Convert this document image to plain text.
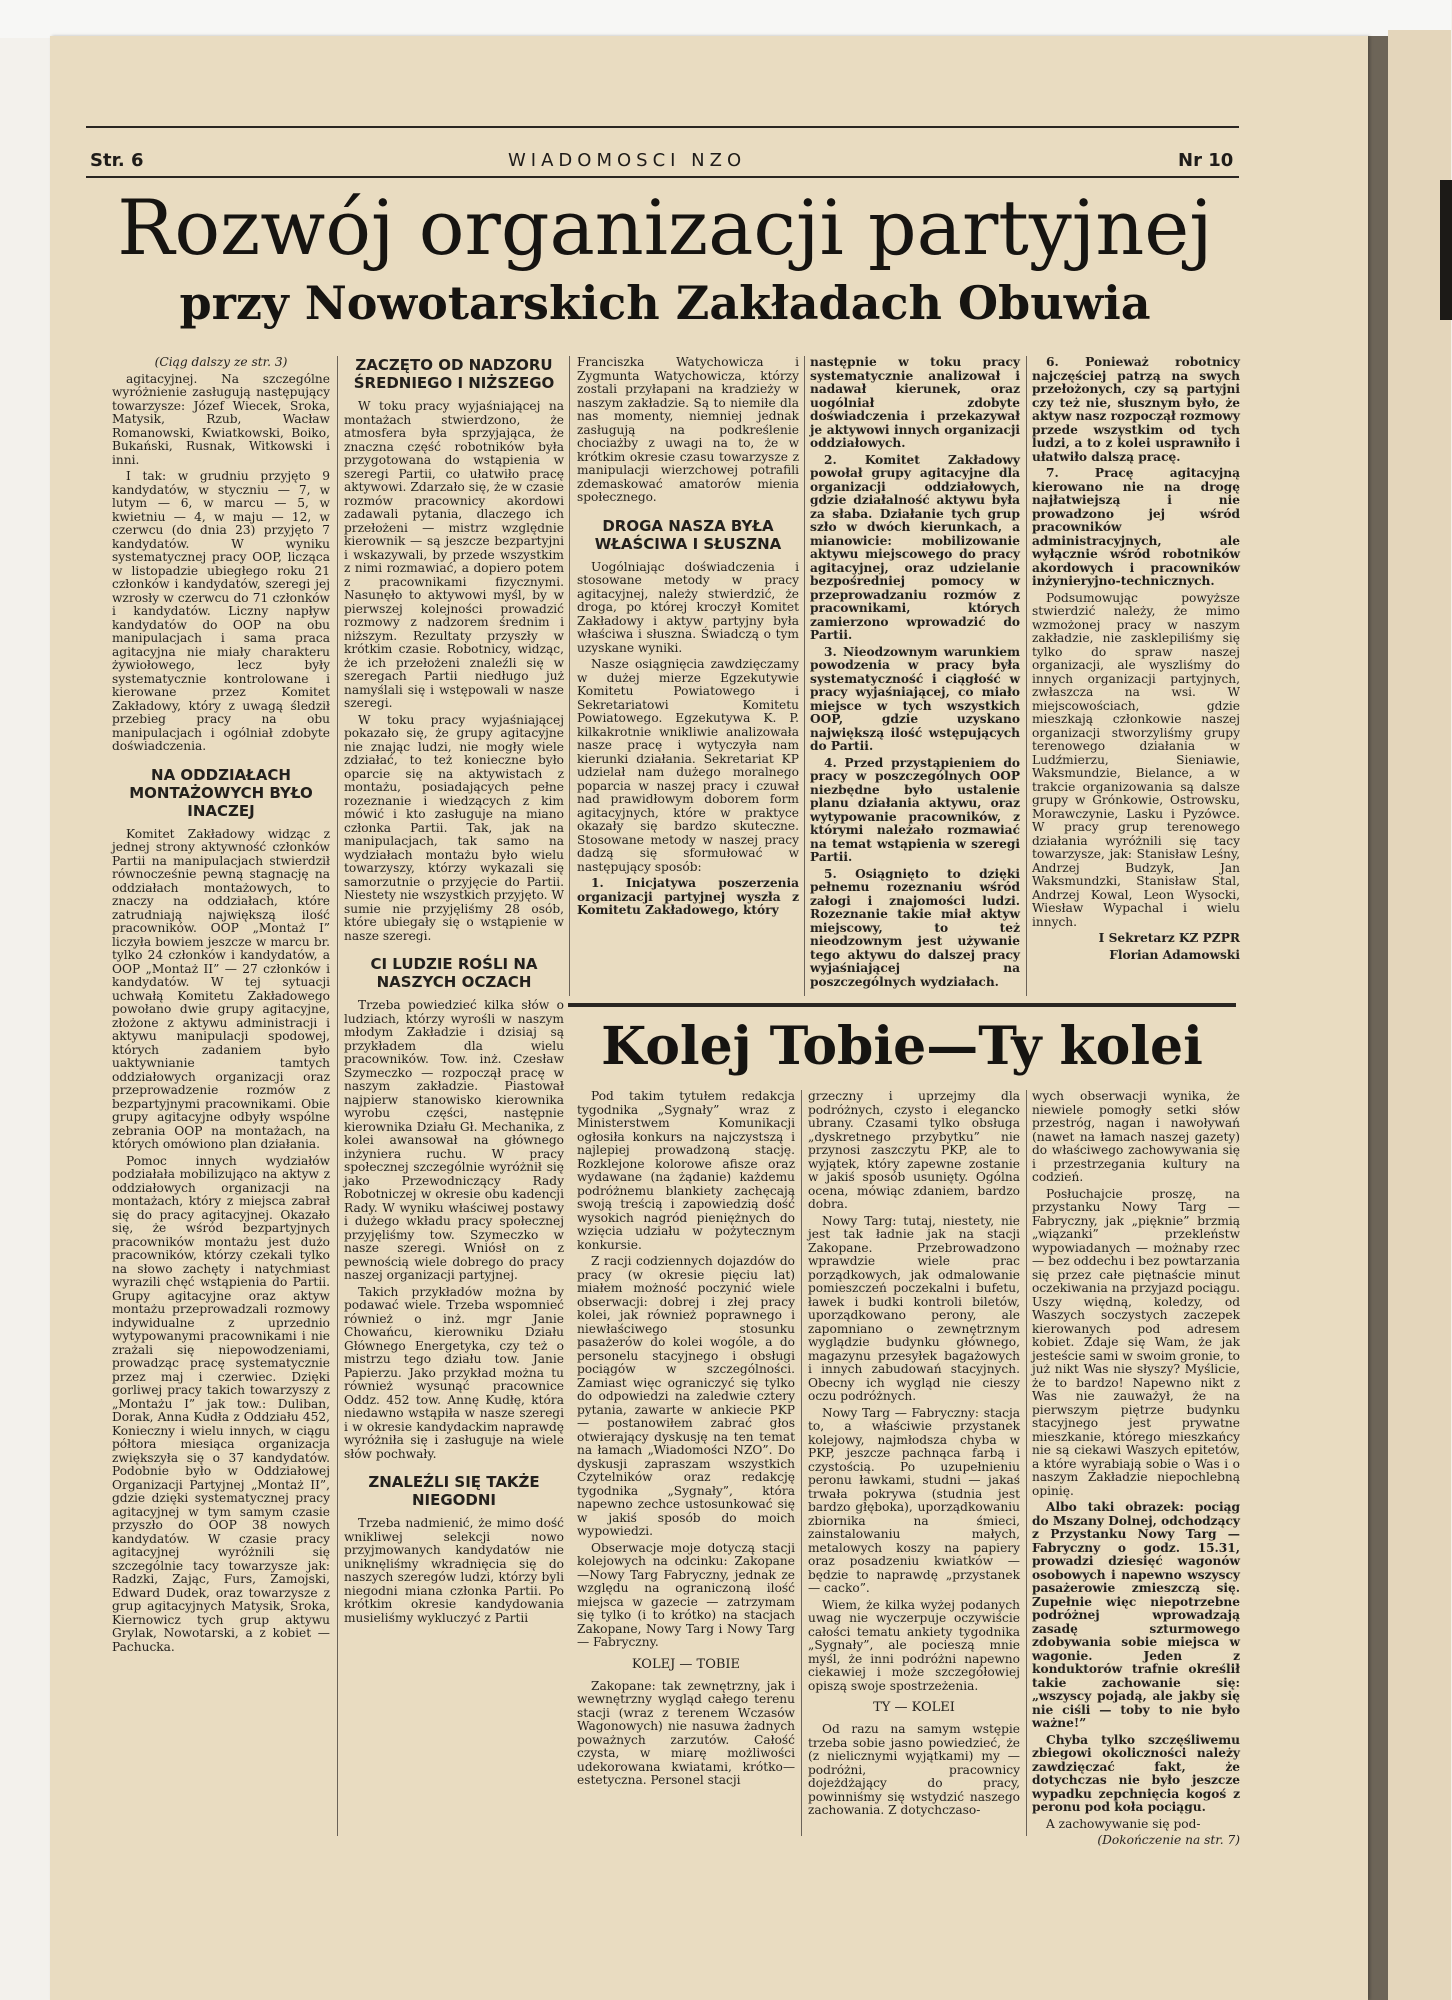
Str. 6	WIADOMOSCI NZO	Nr 10
Rozwój organizacji partyjnej
przy Nowotarskich Zakładach Obuwia

(Ciąg dalszy ze str. 3)

agitacyjnej. Na szczególne wyróżnienie zasługują następujący towarzysze: Józef Wiecek, Sroka, Matysik, Rzub, Wacław Romanowski, Kwiatkowski, Boiko, Bukański, Rusnak, Witkowski i inni.

I tak: w grudniu przyjęto 9 kandydatów, w styczniu — 7, w lutym — 6, w marcu — 5, w kwietniu — 4, w maju — 12, w czerwcu (do dnia 23) przyjęto 7 kandydatów. W wyniku systematycznej pracy OOP, licząca w listopadzie ubiegłego roku 21 członków i kandydatów, szeregi jej wzrosły w czerwcu do 71 członków i kandydatów. Liczny napływ kandydatów do OOP na obu manipulacjach i sama praca agitacyjna nie miały charakteru żywiołowego, lecz były systematycznie kontrolowane i kierowane przez Komitet Zakładowy, który z uwagą śledził przebieg pracy na obu manipulacjach i ogólniał zdobyte doświadczenia.

NA ODDZIAŁACH MONTAŻOWYCH BYŁO INACZEJ

Komitet Zakładowy widząc z jednej strony aktywność członków Partii na manipulacjach stwierdził równocześnie pewną stagnację na oddziałach montażowych, to znaczy na oddziałach, które zatrudniają największą ilość pracowników. OOP „Montaż I” liczyła bowiem jeszcze w marcu br. tylko 24 członków i kandydatów, a OOP „Montaż II” — 27 członków i kandydatów. W tej sytuacji uchwałą Komitetu Zakładowego powołano dwie grupy agitacyjne, złożone z aktywu administracji i aktywu manipulacji spodowej, których zadaniem było uaktywnianie tamtych oddziałowych organizacji oraz przeprowadzenie rozmów z bezpartyjnymi pracownikami. Obie grupy agitacyjne odbyły wspólne zebrania OOP na montażach, na których omówiono plan działania.

Pomoc innych wydziałów podziałała mobilizująco na aktyw z oddziałowych organizacji na montażach, który z miejsca zabrał się do pracy agitacyjnej. Okazało się, że wśród bezpartyjnych pracowników montażu jest dużo pracowników, którzy czekali tylko na słowo zachęty i natychmiast wyrazili chęć wstąpienia do Partii. Grupy agitacyjne oraz aktyw montażu przeprowadzali rozmowy indywidualne z uprzednio wytypowanymi pracownikami i nie zrażali się niepowodzeniami, prowadząc pracę systematycznie przez maj i czerwiec. Dzięki gorliwej pracy takich towarzyszy z „Montażu I” jak tow.: Duliban, Dorak, Anna Kudła z Oddziału 452, Konieczny i wielu innych, w ciągu półtora miesiąca organizacja zwiększyła się o 37 kandydatów. Podobnie było w Oddziałowej Organizacji Partyjnej „Montaż II”, gdzie dzięki systematycznej pracy agitacyjnej w tym samym czasie przyszło do OOP 38 nowych kandydatów. W czasie pracy agitacyjnej wyróżnili się szczególnie tacy towarzysze jak: Radzki, Zając, Furs, Zamojski, Edward Dudek, oraz towarzysze z grup agitacyjnych Matysik, Sroka, Kiernowicz tych grup aktywu Grylak, Nowotarski, a z kobiet — Pachucka.

ZACZĘTO OD NADZORU ŚREDNIEGO I NIŻSZEGO

W toku pracy wyjaśniającej na montażach stwierdzono, że atmosfera była sprzyjająca, że znaczna część robotników była przygotowana do wstąpienia w szeregi Partii, co ułatwiło pracę aktywowi. Zdarzało się, że w czasie rozmów pracownicy akordowi zadawali pytania, dlaczego ich przełożeni — mistrz względnie kierownik — są jeszcze bezpartyjni i wskazywali, by przede wszystkim z nimi rozmawiać, a dopiero potem z pracownikami fizycznymi. Nasunęło to aktywowi myśl, by w pierwszej kolejności prowadzić rozmowy z nadzorem średnim i niższym. Rezultaty przyszły w krótkim czasie. Robotnicy, widząc, że ich przełożeni znaleźli się w szeregach Partii niedługo już namyślali się i wstępowali w nasze szeregi.

W toku pracy wyjaśniającej pokazało się, że grupy agitacyjne nie znając ludzi, nie mogły wiele zdziałać, to też konieczne było oparcie się na aktywistach z montażu, posiadających pełne rozeznanie i wiedzących z kim mówić i kto zasługuje na miano członka Partii. Tak, jak na manipulacjach, tak samo na wydziałach montażu było wielu towarzyszy, którzy wykazali się samorzutnie o przyjęcie do Partii. Niestety nie wszystkich przyjęto. W sumie nie przyjęliśmy 28 osób, które ubiegały się o wstąpienie w nasze szeregi.

CI LUDZIE ROŚLI NA NASZYCH OCZACH

Trzeba powiedzieć kilka słów o ludziach, którzy wyrośli w naszym młodym Zakładzie i dzisiaj są przykładem dla wielu pracowników. Tow. inż. Czesław Szymeczko — rozpoczął pracę w naszym zakładzie. Piastował najpierw stanowisko kierownika wyrobu części, następnie kierownika Działu Gł. Mechanika, z kolei awansował na głównego inżyniera ruchu. W pracy społecznej szczególnie wyróżnił się jako Przewodniczący Rady Robotniczej w okresie obu kadencji Rady. W wyniku właściwej postawy i dużego wkładu pracy społecznej przyjęliśmy tow. Szymeczko w nasze szeregi. Wniósł on z pewnością wiele dobrego do pracy naszej organizacji partyjnej.

Takich przykładów można by podawać wiele. Trzeba wspomnieć również o inż. mgr Janie Chowańcu, kierowniku Działu Głównego Energetyka, czy też o mistrzu tego działu tow. Janie Papierzu. Jako przykład można tu również wysunąć pracownice Oddz. 452 tow. Annę Kudłę, która niedawno wstąpiła w nasze szeregi i w okresie kandydackim naprawdę wyróżniła się i zasługuje na wiele słów pochwały.

ZNALEŹLI SIĘ TAKŻE NIEGODNI

Trzeba nadmienić, że mimo dość wnikliwej selekcji nowo przyjmowanych kandydatów nie uniknęliśmy wkradnięcia się do naszych szeregów ludzi, którzy byli niegodni miana członka Partii. Po krótkim okresie kandydowania musieliśmy wykluczyć z Partii

Franciszka Watychowicza i Zygmunta Watychowicza, którzy zostali przyłapani na kradzieży w naszym zakładzie. Są to niemiłe dla nas momenty, niemniej jednak zasługują na podkreślenie chociażby z uwagi na to, że w krótkim okresie czasu towarzysze z manipulacji wierzchowej potrafili zdemaskować amatorów mienia społecznego.

DROGA NASZA BYŁA WŁAŚCIWA I SŁUSZNA

Uogólniając doświadczenia i stosowane metody w pracy agitacyjnej, należy stwierdzić, że droga, po której kroczył Komitet Zakładowy i aktyw partyjny była właściwa i słuszna. Świadczą o tym uzyskane wyniki.

Nasze osiągnięcia zawdzięczamy w dużej mierze Egzekutywie Komitetu Powiatowego i Sekretariatowi Komitetu Powiatowego. Egzekutywa K. P. kilkakrotnie wnikliwie analizowała nasze pracę i wytyczyła nam kierunki działania. Sekretariat KP udzielał nam dużego moralnego poparcia w naszej pracy i czuwał nad prawidłowym doborem form agitacyjnych, które w praktyce okazały się bardzo skuteczne. Stosowane metody w naszej pracy dadzą się sformułować w następujący sposób:

1. Inicjatywa poszerzenia organizacji partyjnej wyszła z Komitetu Zakładowego, który

następnie w toku pracy systematycznie analizował i nadawał kierunek, oraz uogólniał zdobyte doświadczenia i przekazywał je aktywowi innych organizacji oddziałowych.

2. Komitet Zakładowy powołał grupy agitacyjne dla organizacji oddziałowych, gdzie działalność aktywu była za słaba. Działanie tych grup szło w dwóch kierunkach, a mianowicie: mobilizowanie aktywu miejscowego do pracy agitacyjnej, oraz udzielanie bezpośredniej pomocy w przeprowadzaniu rozmów z pracownikami, których zamierzono wprowadzić do Partii.

3. Nieodzownym warunkiem powodzenia w pracy była systematyczność i ciągłość w pracy wyjaśniającej, co miało miejsce w tych wszystkich OOP, gdzie uzyskano największą ilość wstępujących do Partii.

4. Przed przystąpieniem do pracy w poszczególnych OOP niezbędne było ustalenie planu działania aktywu, oraz wytypowanie pracowników, z którymi należało rozmawiać na temat wstąpienia w szeregi Partii.

5. Osiągnięto to dzięki pełnemu rozeznaniu wśród załogi i znajomości ludzi. Rozeznanie takie miał aktyw miejscowy, to też nieodzownym jest używanie tego aktywu do dalszej pracy wyjaśniającej na poszczególnych wydziałach.

6. Ponieważ robotnicy najczęściej patrzą na swych przełożonych, czy są partyjni czy też nie, słusznym było, że aktyw nasz rozpoczął rozmowy przede wszystkim od tych ludzi, a to z kolei usprawniło i ułatwiło dalszą pracę.

7. Pracę agitacyjną kierowano nie na drogę najłatwiejszą i nie prowadzono jej wśród pracowników administracyjnych, ale wyłącznie wśród robotników akordowych i pracowników inżynieryjno-technicznych.

Podsumowując powyższe stwierdzić należy, że mimo wzmożonej pracy w naszym zakładzie, nie zasklepiliśmy się tylko do spraw naszej organizacji, ale wyszliśmy do innych organizacji partyjnych, zwłaszcza na wsi. W miejscowościach, gdzie mieszkają członkowie naszej organizacji stworzyliśmy grupy terenowego działania w Ludźmierzu, Sieniawie, Waksmundzie, Bielance, a w trakcie organizowania są dalsze grupy w Grónkowie, Ostrowsku, Morawczynie, Lasku i Pyzówce. W pracy grup terenowego działania wyróżnili się tacy towarzysze, jak: Stanisław Leśny, Andrzej Budzyk, Jan Waksmundzki, Stanisław Stal, Andrzej Kowal, Leon Wysocki, Wiesław Wypachal i wielu innych.

I Sekretarz KZ PZPR

Florian Adamowski

Kolej Tobie—Ty kolei

Pod takim tytułem redakcja tygodnika „Sygnały” wraz z Ministerstwem Komunikacji ogłosiła konkurs na najczystszą i najlepiej prowadzoną stację. Rozklejone kolorowe afisze oraz wydawane (na żądanie) każdemu podróżnemu blankiety zachęcają swoją treścią i zapowiedzią dość wysokich nagród pieniężnych do wzięcia udziału w pożytecznym konkursie.

Z racji codziennych dojazdów do pracy (w okresie pięciu lat) miałem możność poczynić wiele obserwacji: dobrej i złej pracy kolei, jak również poprawnego i niewłaściwego stosunku pasażerów do kolei wogóle, a do personelu stacyjnego i obsługi pociągów w szczególności. Zamiast więc ograniczyć się tylko do odpowiedzi na zaledwie cztery pytania, zawarte w ankiecie PKP — postanowiłem zabrać głos otwierający dyskusję na ten temat na łamach „Wiadomości NZO”. Do dyskusji zapraszam wszystkich Czytelników oraz redakcję tygodnika „Sygnały”, która napewno zechce ustosunkować się w jakiś sposób do moich wypowiedzi.

Obserwacje moje dotyczą stacji kolejowych na odcinku: Zakopane—Nowy Targ Fabryczny, jednak ze względu na ograniczoną ilość miejsca w gazecie — zatrzymam się tylko (i to krótko) na stacjach Zakopane, Nowy Targ i Nowy Targ — Fabryczny.

KOLEJ — TOBIE

Zakopane: tak zewnętrzny, jak i wewnętrzny wygląd całego terenu stacji (wraz z terenem Wczasów Wagonowych) nie nasuwa żadnych poważnych zarzutów. Całość czysta, w miarę możliwości udekorowana kwiatami, krótko—estetyczna. Personel stacji

grzeczny i uprzejmy dla podróżnych, czysto i elegancko ubrany. Czasami tylko obsługa „dyskretnego przybytku” nie przynosi zaszczytu PKP, ale to wyjątek, który zapewne zostanie w jakiś sposób usunięty. Ogólna ocena, mówiąc zdaniem, bardzo dobra.

Nowy Targ: tutaj, niestety, nie jest tak ładnie jak na stacji Zakopane. Przebrowadzono wprawdzie wiele prac porządkowych, jak odmalowanie pomieszczeń poczekalni i bufetu, ławek i budki kontroli biletów, uporządkowano perony, ale zapomniano o zewnętrznym wyglądzie budynku głównego, magazynu przesyłek bagażowych i innych zabudowań stacyjnych. Obecny ich wygląd nie cieszy oczu podróżnych.

Nowy Targ — Fabryczny: stacja to, a właściwie przystanek kolejowy, najmłodsza chyba w PKP, jeszcze pachnąca farbą i czystością. Po uzupełnieniu peronu ławkami, studni — jakaś trwała pokrywa (studnia jest bardzo głęboka), uporządkowaniu zbiornika na śmieci, zainstalowaniu małych, metalowych koszy na papiery oraz posadzeniu kwiatków — będzie to naprawdę „przystanek — cacko”.

Wiem, że kilka wyżej podanych uwag nie wyczerpuje oczywiście całości tematu ankiety tygodnika „Sygnały”, ale pocieszą mnie myśl, że inni podróżni napewno ciekawiej i może szczegółowiej opiszą swoje spostrzeżenia.

TY — KOLEI

Od razu na samym wstępie trzeba sobie jasno powiedzieć, że (z nielicznymi wyjątkami) my — podróżni, pracownicy dojeżdżający do pracy, powinniśmy się wstydzić naszego zachowania. Z dotychczaso-

wych obserwacji wynika, że niewiele pomogły setki słów przestróg, nagan i nawoływań (nawet na łamach naszej gazety) do właściwego zachowywania się i przestrzegania kultury na codzień.

Posłuchajcie proszę, na przystanku Nowy Targ — Fabryczny, jak „pięknie” brzmią „wiązanki” przekleństw wypowiadanych — możnaby rzec — bez oddechu i bez powtarzania się przez całe piętnaście minut oczekiwania na przyjazd pociągu. Uszy więdną, koledzy, od Waszych soczystych zaczepek kierowanych pod adresem kobiet. Zdaje się Wam, że jak jesteście sami w swoim gronie, to już nikt Was nie słyszy? Myślicie, że to bardzo! Napewno nikt z Was nie zauważył, że na pierwszym piętrze budynku stacyjnego jest prywatne mieszkanie, którego mieszkańcy nie są ciekawi Waszych epitetów, a które wyrabiają sobie o Was i o naszym Zakładzie niepochlebną opinię.

Albo taki obrazek: pociąg do Mszany Dolnej, odchodzący z Przystanku Nowy Targ — Fabryczny o godz. 15.31, prowadzi dziesięć wagonów osobowych i napewno wszyscy pasażerowie zmieszczą się. Zupełnie więc niepotrzebne podróżnej wprowadzają zasadę szturmowego zdobywania sobie miejsca w wagonie. Jeden z konduktorów trafnie określił takie zachowanie się: „wszyscy pojadą, ale jakby się nie ciśli — toby to nie było ważne!”

Chyba tylko szczęśliwemu zbiegowi okoliczności należy zawdzięczać fakt, że dotychczas nie było jeszcze wypadku zepchnięcia kogoś z peronu pod koła pociągu.

A zachowywanie się pod-

(Dokończenie na str. 7)
